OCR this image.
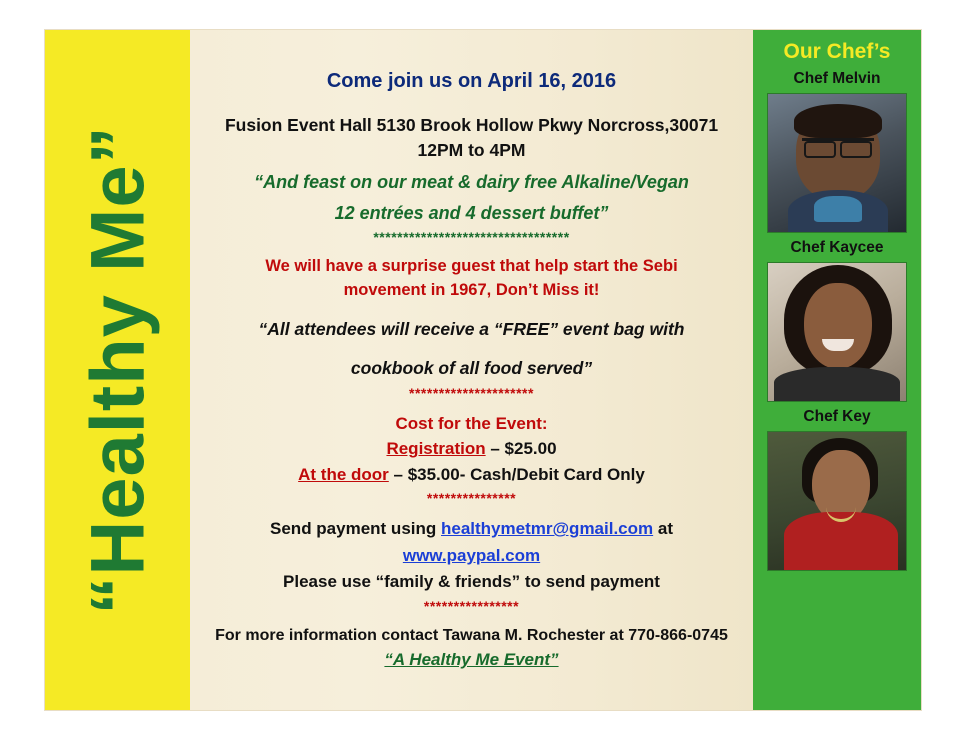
“Healthy Me”

Come join us on April 16, 2016

Fusion Event Hall 5130 Brook Hollow Pkwy Norcross,30071

12PM to 4PM

“And feast on our meat & dairy free Alkaline/Vegan

12 entrées and 4 dessert buffet”

*********************************

We will have a surprise guest that help start the Sebi

movement in 1967, Don’t Miss it!

“All attendees will receive a “FREE” event bag with

cookbook of all food served”

*********************

Cost for the Event:

Registration – $25.00

At the door – $35.00- Cash/Debit Card Only

***************

Send payment using healthymetmr@gmail.com at

www.paypal.com

Please use “family & friends” to send payment

****************

For more information contact Tawana M. Rochester at 770-866-0745

“A Healthy Me Event”

Our Chef’s
Chef Melvin
Chef Kaycee
Chef Key
